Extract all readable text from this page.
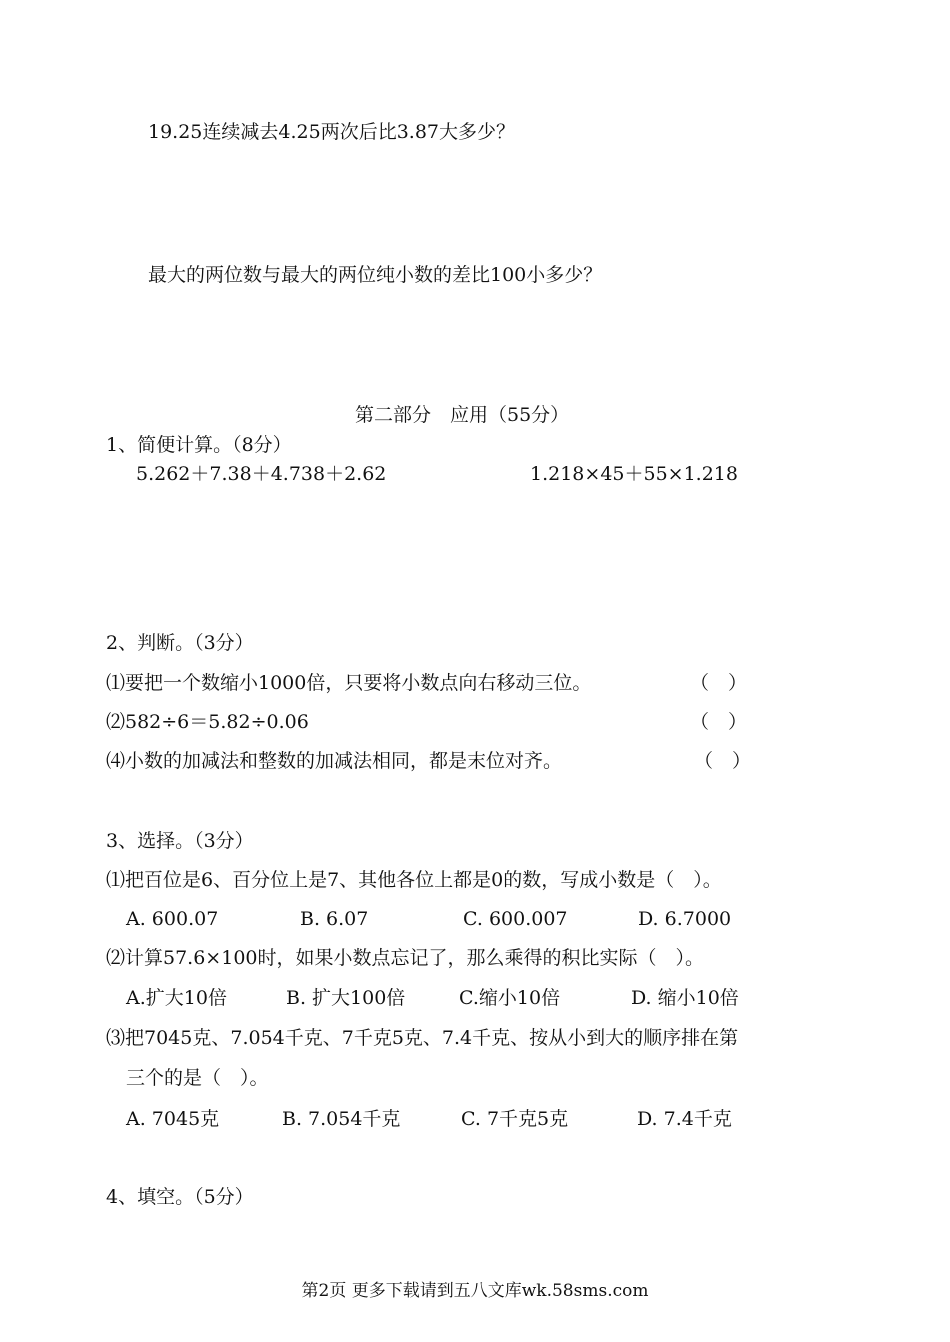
19.25连续减去4.25两次后比3.87大多少？
最大的两位数与最大的两位纯小数的差比100小多少？
第二部分　应用（55分）
1、简便计算。（8分）
5.262＋7.38＋4.738＋2.62	1.218×45＋55×1.218
2、判断。（3分）
⑴要把一个数缩小1000倍，只要将小数点向右移动三位。	（　）
⑵582÷6＝5.82÷0.06	（　）
⑷小数的加减法和整数的加减法相同，都是末位对齐。	（　）
3、选择。（3分）
⑴把百位是6、百分位上是7、其他各位上都是0的数，写成小数是（　）。
A. 600.07	B. 6.07	C. 600.007	D. 6.7000
⑵计算57.6×100时，如果小数点忘记了，那么乘得的积比实际（　）。
A.扩大10倍	B. 扩大100倍	C.缩小10倍	D. 缩小10倍
⑶把7045克、7.054千克、7千克5克、7.4千克、按从小到大的顺序排在第
三个的是（　）。
A. 7045克	B. 7.054千克	C. 7千克5克	D. 7.4千克
4、填空。（5分）
第2页 更多下载请到五八文库wk.58sms.com
